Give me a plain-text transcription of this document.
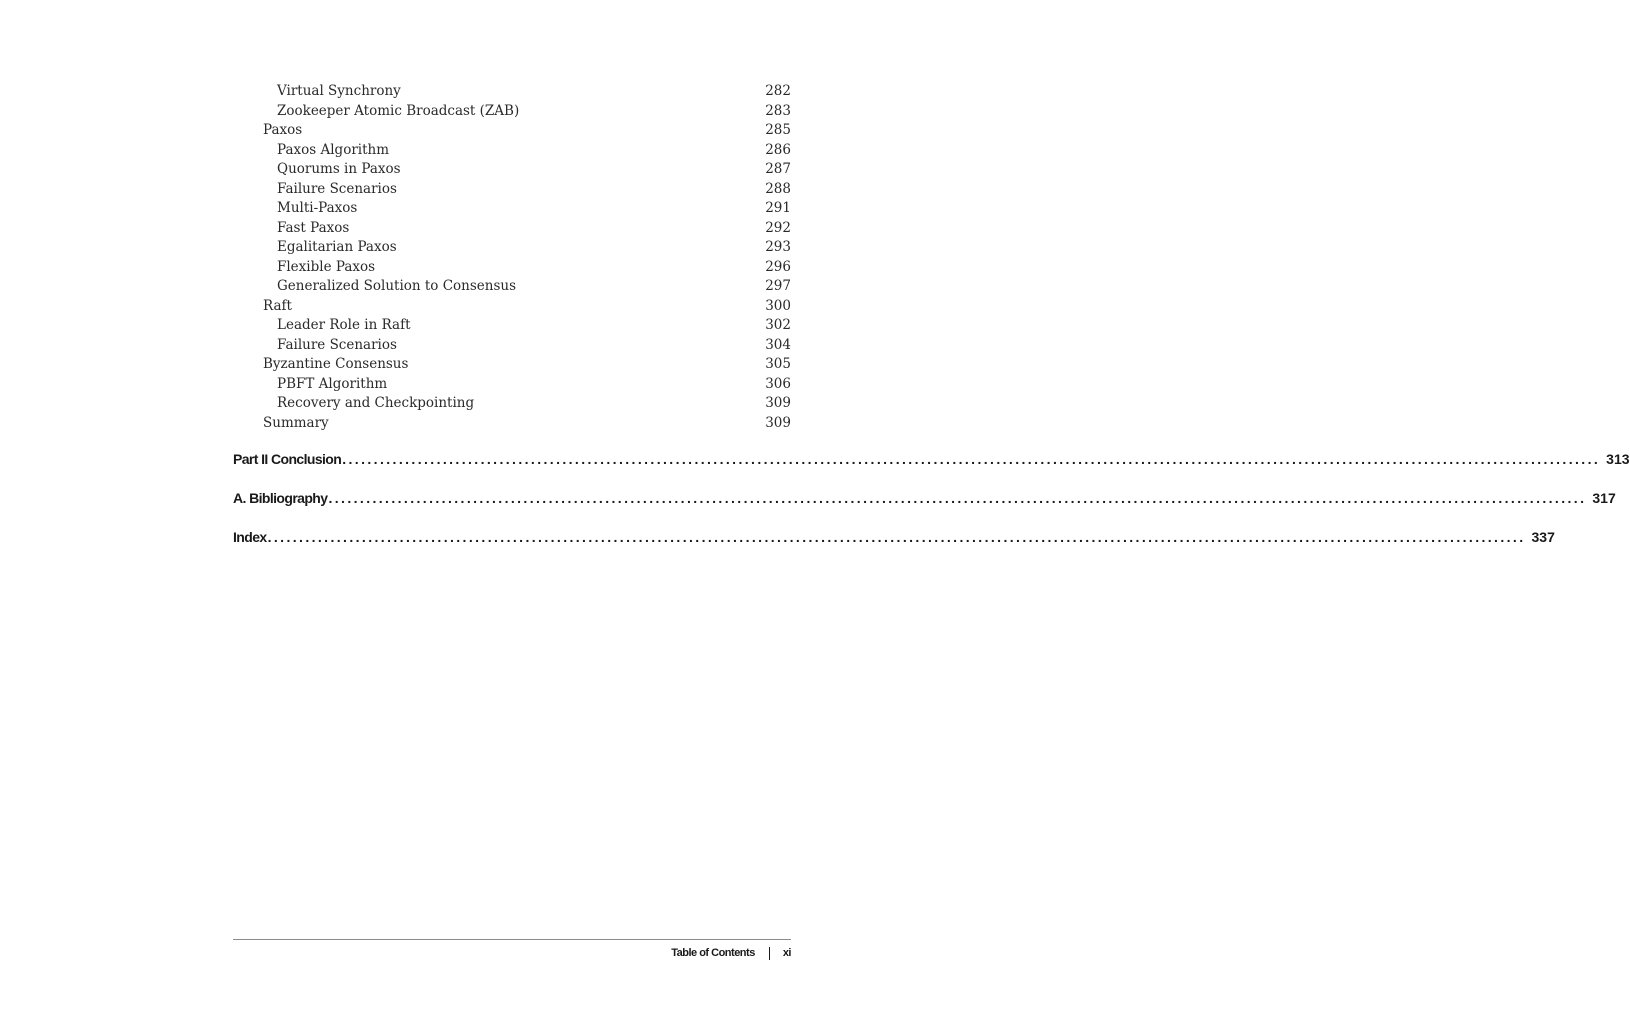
Virtual Synchrony	282
Zookeeper Atomic Broadcast (ZAB)	283
Paxos	285
Paxos Algorithm	286
Quorums in Paxos	287
Failure Scenarios	288
Multi-Paxos	291
Fast Paxos	292
Egalitarian Paxos	293
Flexible Paxos	296
Generalized Solution to Consensus	297
Raft	300
Leader Role in Raft	302
Failure Scenarios	304
Byzantine Consensus	305
PBFT Algorithm	306
Recovery and Checkpointing	309
Summary	309
Part II Conclusion ........................................................................................................................................................................................................ 313
A. Bibliography ........................................................................................................................................................................................................ 317
Index ........................................................................................................................................................................................................ 337
Table of Contents	xi
